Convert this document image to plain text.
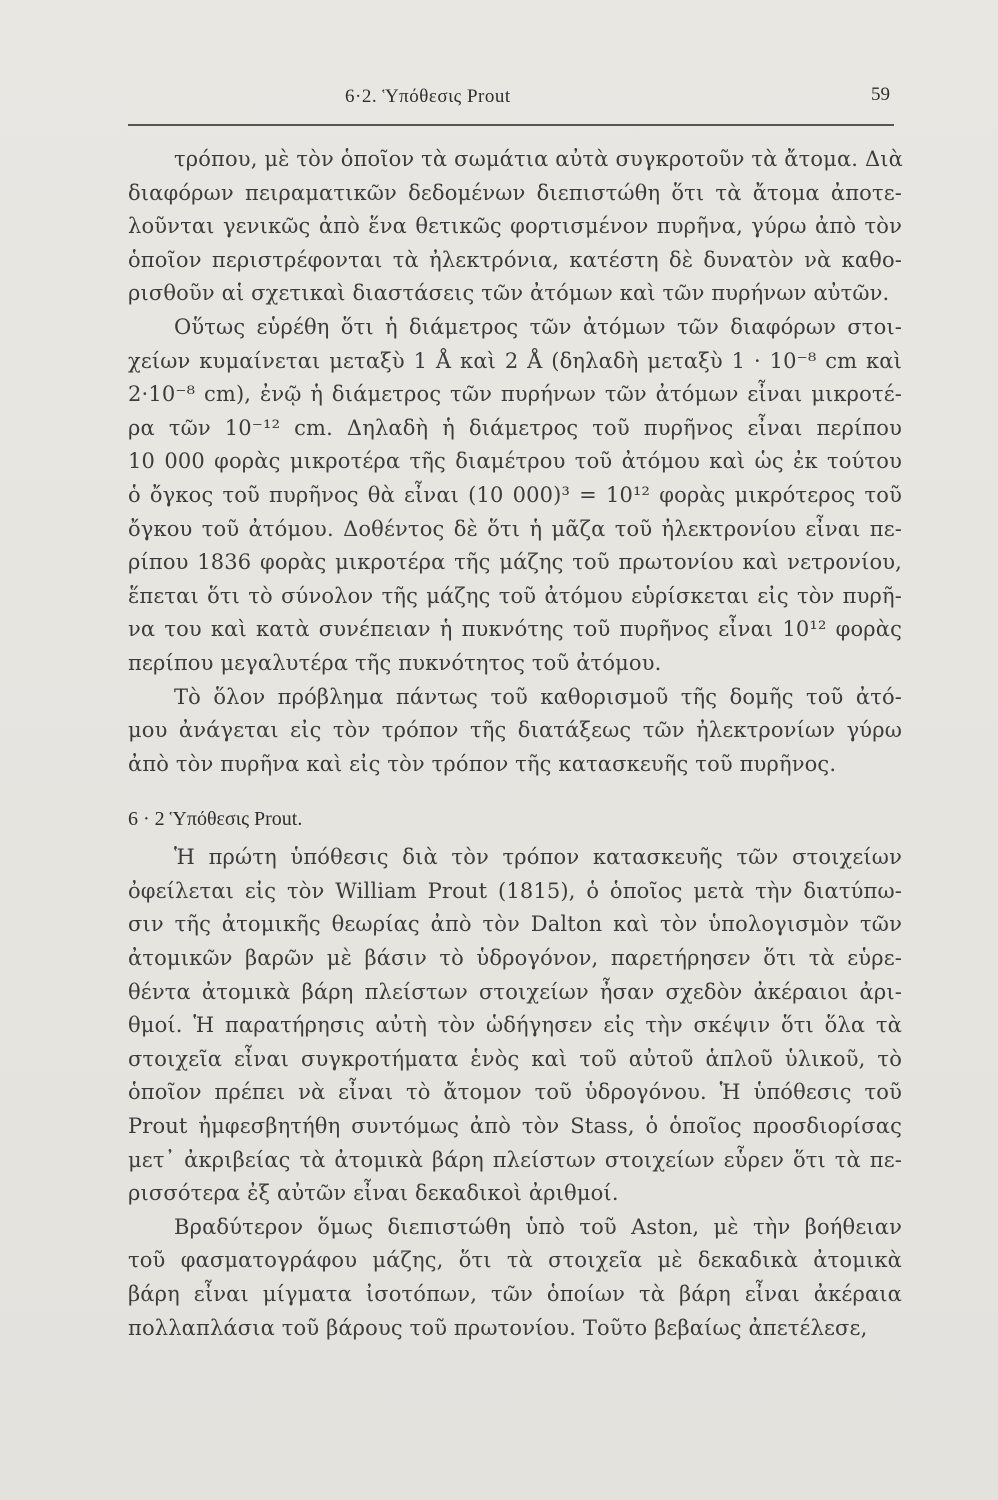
6·2. Ὑπόθεσις Prout	59
τρόπου, μὲ τὸν ὁποῖον τὰ σωμάτια αὐτὰ συγκροτοῦν τὰ ἄτομα. Διὰ
διαφόρων πειραματικῶν δεδομένων διεπιστώθη ὅτι τὰ ἄτομα ἀποτε-
λοῦνται γενικῶς ἀπὸ ἕνα θετικῶς φορτισμένον πυρῆνα, γύρω ἀπὸ τὸν
ὁποῖον περιστρέφονται τὰ ἠλεκτρόνια, κατέστη δὲ δυνατὸν νὰ καθο-
ρισθοῦν αἱ σχετικαὶ διαστάσεις τῶν ἀτόμων καὶ τῶν πυρήνων αὐτῶν.
Οὕτως εὑρέθη ὅτι ἡ διάμετρος τῶν ἀτόμων τῶν διαφόρων στοι-
χείων κυμαίνεται μεταξὺ 1 Å καὶ 2 Å (δηλαδὴ μεταξὺ 1 · 10⁻⁸ cm καὶ
2·10⁻⁸ cm), ἐνῷ ἡ διάμετρος τῶν πυρήνων τῶν ἀτόμων εἶναι μικροτέ-
ρα τῶν 10⁻¹² cm. Δηλαδὴ ἡ διάμετρος τοῦ πυρῆνος εἶναι περίπου
10 000 φορὰς μικροτέρα τῆς διαμέτρου τοῦ ἀτόμου καὶ ὡς ἐκ τούτου
ὁ ὄγκος τοῦ πυρῆνος θὰ εἶναι (10 000)³ = 10¹² φορὰς μικρότερος τοῦ
ὄγκου τοῦ ἀτόμου. Δοθέντος δὲ ὅτι ἡ μᾶζα τοῦ ἠλεκτρονίου εἶναι πε-
ρίπου 1836 φορὰς μικροτέρα τῆς μάζης τοῦ πρωτονίου καὶ νετρονίου,
ἕπεται ὅτι τὸ σύνολον τῆς μάζης τοῦ ἀτόμου εὑρίσκεται εἰς τὸν πυρῆ-
να του καὶ κατὰ συνέπειαν ἡ πυκνότης τοῦ πυρῆνος εἶναι 10¹² φορὰς
περίπου μεγαλυτέρα τῆς πυκνότητος τοῦ ἀτόμου.
Τὸ ὅλον πρόβλημα πάντως τοῦ καθορισμοῦ τῆς δομῆς τοῦ ἀτό-
μου ἀνάγεται εἰς τὸν τρόπον τῆς διατάξεως τῶν ἠλεκτρονίων γύρω
ἀπὸ τὸν πυρῆνα καὶ εἰς τὸν τρόπον τῆς κατασκευῆς τοῦ πυρῆνος.
6 · 2 Ὑπόθεσις Prout.
Ἡ πρώτη ὑπόθεσις διὰ τὸν τρόπον κατασκευῆς τῶν στοιχείων
ὀφείλεται εἰς τὸν William Prout (1815), ὁ ὁποῖος μετὰ τὴν διατύπω-
σιν τῆς ἀτομικῆς θεωρίας ἀπὸ τὸν Dalton καὶ τὸν ὑπολογισμὸν τῶν
ἀτομικῶν βαρῶν μὲ βάσιν τὸ ὑδρογόνον, παρετήρησεν ὅτι τὰ εὑρε-
θέντα ἀτομικὰ βάρη πλείστων στοιχείων ἦσαν σχεδὸν ἀκέραιοι ἀρι-
θμοί. Ἡ παρατήρησις αὐτὴ τὸν ὡδήγησεν εἰς τὴν σκέψιν ὅτι ὅλα τὰ
στοιχεῖα εἶναι συγκροτήματα ἑνὸς καὶ τοῦ αὐτοῦ ἁπλοῦ ὑλικοῦ, τὸ
ὁποῖον πρέπει νὰ εἶναι τὸ ἄτομον τοῦ ὑδρογόνου. Ἡ ὑπόθεσις τοῦ
Prout ἠμφεσβητήθη συντόμως ἀπὸ τὸν Stass, ὁ ὁποῖος προσδιορίσας
μετ᾽ ἀκριβείας τὰ ἀτομικὰ βάρη πλείστων στοιχείων εὗρεν ὅτι τὰ πε-
ρισσότερα ἐξ αὐτῶν εἶναι δεκαδικοὶ ἀριθμοί.
Βραδύτερον ὅμως διεπιστώθη ὑπὸ τοῦ Aston, μὲ τὴν βοήθειαν
τοῦ φασματογράφου μάζης, ὅτι τὰ στοιχεῖα μὲ δεκαδικὰ ἀτομικὰ
βάρη εἶναι μίγματα ἰσοτόπων, τῶν ὁποίων τὰ βάρη εἶναι ἀκέραια
πολλαπλάσια τοῦ βάρους τοῦ πρωτονίου. Τοῦτο βεβαίως ἀπετέλεσε,
